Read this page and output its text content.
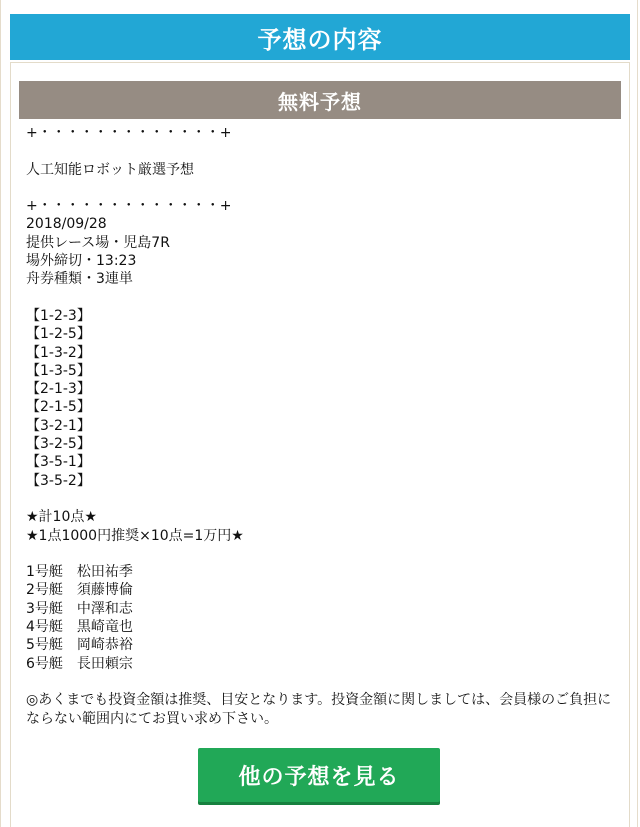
予想の内容
無料予想
+・・・・・・・・・・・・・+
人工知能ロボット厳選予想
+・・・・・・・・・・・・・+
2018/09/28
提供レース場・児島7R
場外締切・13:23
舟券種類・3連単
【1-2-3】
【1-2-5】
【1-3-2】
【1-3-5】
【2-1-3】
【2-1-5】
【3-2-1】
【3-2-5】
【3-5-1】
【3-5-2】
★計10点★
★1点1000円推奨×10点=1万円★
1号艇　松田祐季
2号艇　須藤博倫
3号艇　中澤和志
4号艇　黒崎竜也
5号艇　岡崎恭裕
6号艇　長田頼宗
◎あくまでも投資金額は推奨、目安となります。投資金額に関しましては、会員様のご負担にならない範囲内にてお買い求め下さい。
他の予想を見る
